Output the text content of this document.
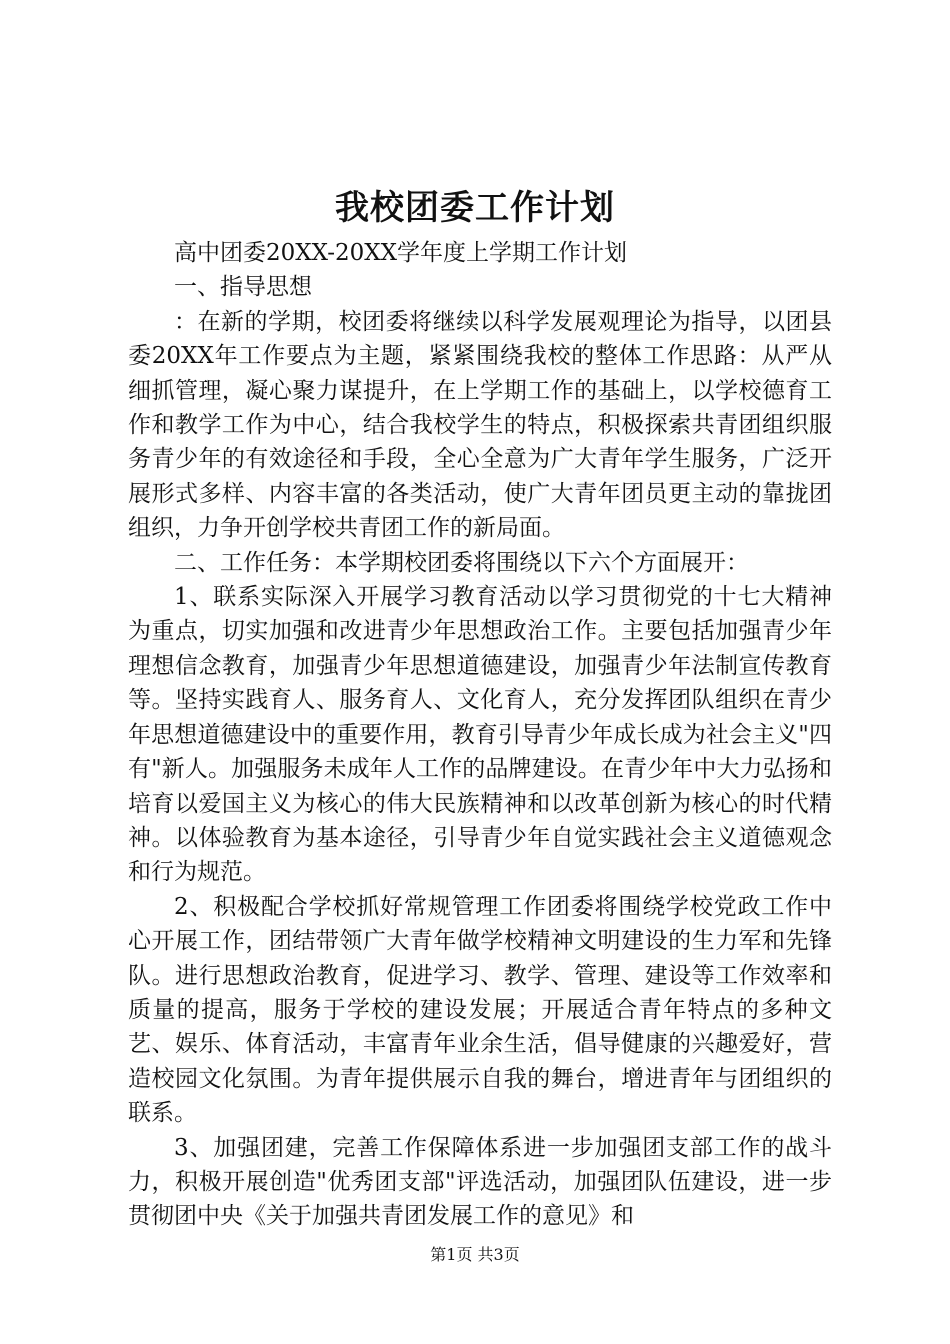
我校团委工作计划

高中团委20XX-20XX学年度上学期工作计划

一、指导思想

：在新的学期，校团委将继续以科学发展观理论为指导，以团县委20XX年工作要点为主题，紧紧围绕我校的整体工作思路：从严从细抓管理，凝心聚力谋提升，在上学期工作的基础上，以学校德育工作和教学工作为中心，结合我校学生的特点，积极探索共青团组织服务青少年的有效途径和手段，全心全意为广大青年学生服务，广泛开展形式多样、内容丰富的各类活动，使广大青年团员更主动的靠拢团组织，力争开创学校共青团工作的新局面。

二、工作任务：本学期校团委将围绕以下六个方面展开：

1、联系实际深入开展学习教育活动以学习贯彻党的十七大精神为重点，切实加强和改进青少年思想政治工作。主要包括加强青少年理想信念教育，加强青少年思想道德建设，加强青少年法制宣传教育等。坚持实践育人、服务育人、文化育人，充分发挥团队组织在青少年思想道德建设中的重要作用，教育引导青少年成长成为社会主义"四有"新人。加强服务未成年人工作的品牌建设。在青少年中大力弘扬和培育以爱国主义为核心的伟大民族精神和以改革创新为核心的时代精神。以体验教育为基本途径，引导青少年自觉实践社会主义道德观念和行为规范。

2、积极配合学校抓好常规管理工作团委将围绕学校党政工作中心开展工作，团结带领广大青年做学校精神文明建设的生力军和先锋队。进行思想政治教育，促进学习、教学、管理、建设等工作效率和质量的提高，服务于学校的建设发展；开展适合青年特点的多种文艺、娱乐、体育活动，丰富青年业余生活，倡导健康的兴趣爱好，营造校园文化氛围。为青年提供展示自我的舞台，增进青年与团组织的联系。

3、加强团建，完善工作保障体系进一步加强团支部工作的战斗力，积极开展创造"优秀团支部"评选活动，加强团队伍建设，进一步贯彻团中央《关于加强共青团发展工作的意见》和

第1页 共3页
